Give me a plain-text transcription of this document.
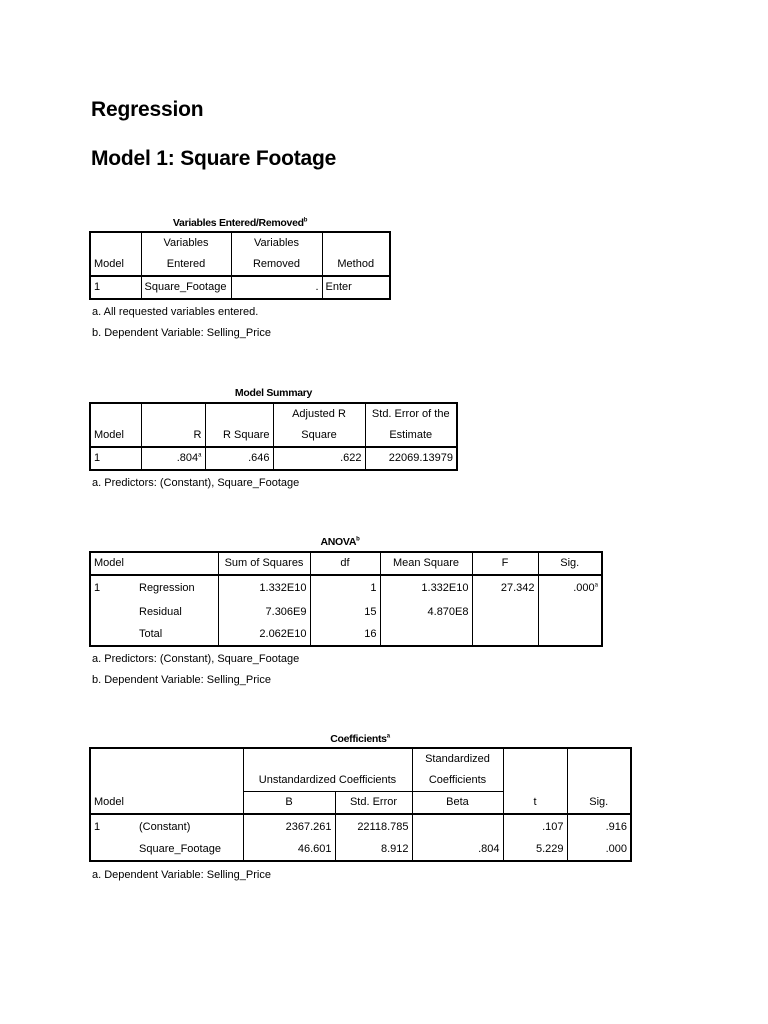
Regression
Model 1: Square Footage
Variables Entered/Removed$^b$
	Variables	Variables	
Model	Entered	Removed	Method
1	Square_Footage	.	Enter
a. All requested variables entered.
b. Dependent Variable: Selling_Price
Model Summary
			Adjusted R	Std. Error of the
Model	R	R Square	Square	Estimate
1	.804$^a$	.646	.622	22069.13979
a. Predictors: (Constant), Square_Footage
ANOVA$^b$
Model		Sum of Squares	df	Mean Square	F	Sig.
1	Regression	1.332E10	1	1.332E10	27.342	.000$^a$
	Residual	7.306E9	15	4.870E8		
	Total	2.062E10	16			
a. Predictors: (Constant), Square_Footage
b. Dependent Variable: Selling_Price
Coefficients$^a$
				Standardized		
		Unstandardized Coefficients		Coefficients		
Model		B	Std. Error	Beta	t	Sig.
1	(Constant)	2367.261	22118.785		.107	.916
	Square_Footage	46.601	8.912	.804	5.229	.000
a. Dependent Variable: Selling_Price
